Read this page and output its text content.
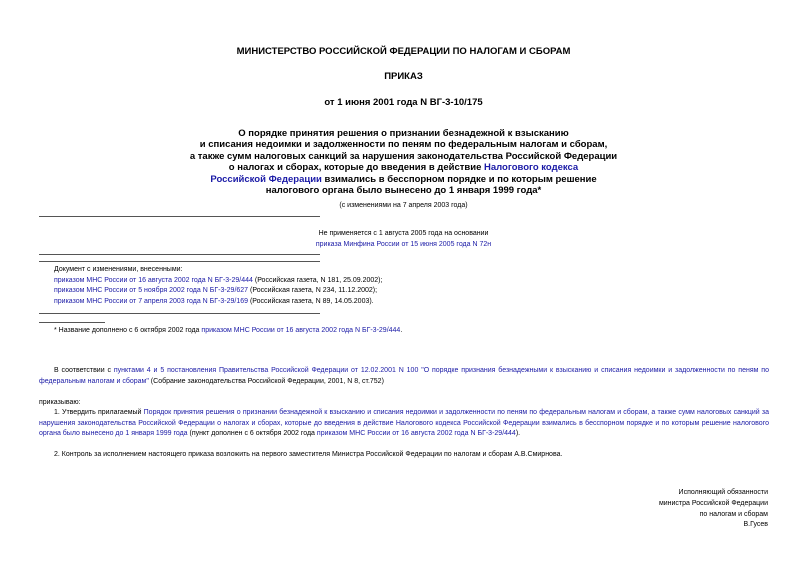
МИНИСТЕРСТВО РОССИЙСКОЙ ФЕДЕРАЦИИ ПО НАЛОГАМ И СБОРАМ
ПРИКАЗ
от 1 июня 2001 года N ВГ-3-10/175
О порядке принятия решения о признании безнадежной к взысканию
и списания недоимки и задолженности по пеням по федеральным налогам и сборам,
а также сумм налоговых санкций за нарушения законодательства Российской Федерации
о налогах и сборах, которые до введения в действие Налогового кодекса
Российской Федерации взимались в бесспорном порядке и по которым решение
налогового органа было вынесено до 1 января 1999 года*
(с изменениями на 7 апреля 2003 года)
Не применяется с 1 августа 2005 года на основании
приказа Минфина России от 15 июня 2005 года N 72н
Документ с изменениями, внесенными:
приказом МНС России от 16 августа 2002 года N БГ-3-29/444 (Российская газета, N 181, 25.09.2002);
приказом МНС России от 5 ноября 2002 года N БГ-3-29/627 (Российская газета, N 234, 11.12.2002);
приказом МНС России от 7 апреля 2003 года N БГ-3-29/169 (Российская газета, N 89, 14.05.2003).
* Название дополнено с 6 октября 2002 года приказом МНС России от 16 августа 2002 года N БГ-3-29/444.
В соответствии с пунктами 4 и 5 постановления Правительства Российской Федерации от 12.02.2001 N 100 "О порядке признания безнадежными к взысканию и списания недоимки и задолженности по пеням по федеральным налогам и сборам" (Собрание законодательства Российской Федерации, 2001, N 8, ст.752)
приказываю:
1. Утвердить прилагаемый Порядок принятия решения о признании безнадежной к взысканию и списания недоимки и задолженности по пеням по федеральным налогам и сборам, а также сумм налоговых санкций за нарушения законодательства Российской Федерации о налогах и сборах, которые до введения в действие Налогового кодекса Российской Федерации взимались в бесспорном порядке и по которым решение налогового органа было вынесено до 1 января 1999 года (пункт дополнен с 6 октября 2002 года приказом МНС России от 16 августа 2002 года N БГ-3-29/444).
2. Контроль за исполнением настоящего приказа возложить на первого заместителя Министра Российской Федерации по налогам и сборам А.В.Смирнова.
Исполняющий обязанности
министра Российской Федерации
по налогам и сборам
В.Гусев
